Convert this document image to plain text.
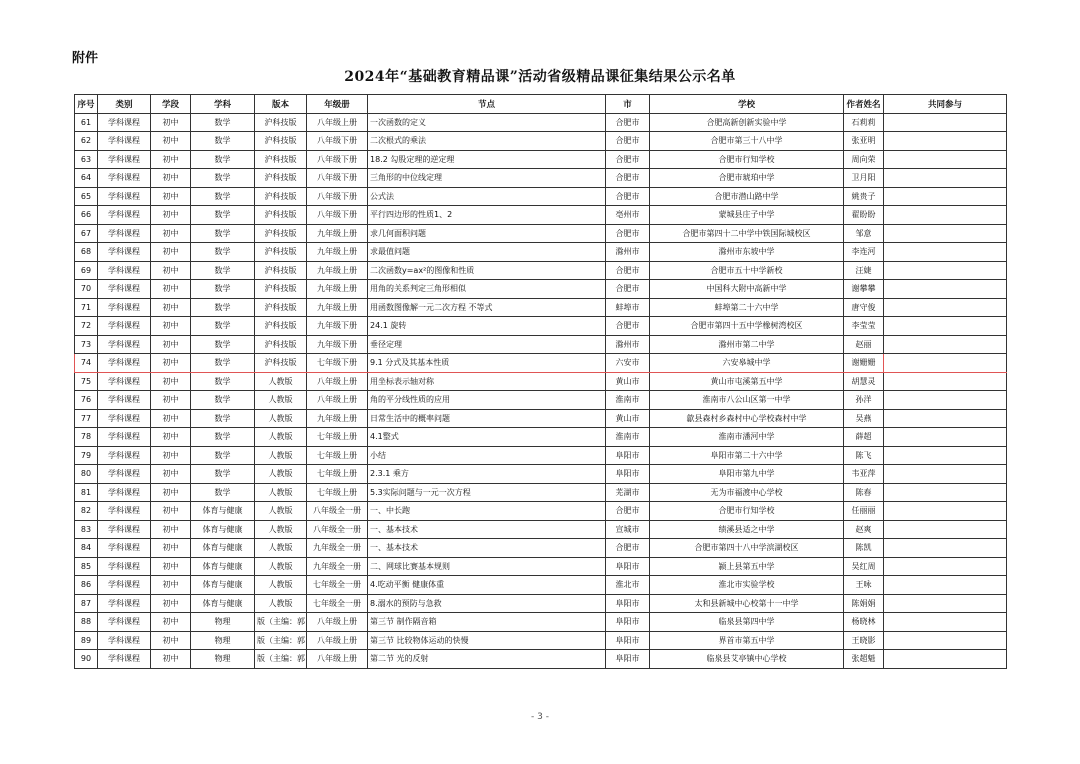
附件
2024年“基础教育精品课”活动省级精品课征集结果公示名单
序号	类别	学段	学科	版本	年级册	节点	市	学校	作者姓名	共同参与
61	学科课程	初中	数学	沪科技版	八年级上册	一次函数的定义	合肥市	合肥高新创新实验中学	石莉莉	
62	学科课程	初中	数学	沪科技版	八年级下册	二次根式的乘法	合肥市	合肥市第三十八中学	张亚明	
63	学科课程	初中	数学	沪科技版	八年级下册	18.2 勾股定理的逆定理	合肥市	合肥市行知学校	周向荣	
64	学科课程	初中	数学	沪科技版	八年级下册	三角形的中位线定理	合肥市	合肥市琥珀中学	卫月阳	
65	学科课程	初中	数学	沪科技版	八年级下册	公式法	合肥市	合肥市潜山路中学	姚贵子	
66	学科课程	初中	数学	沪科技版	八年级下册	平行四边形的性质1、2	亳州市	蒙城县庄子中学	翟盼盼	
67	学科课程	初中	数学	沪科技版	九年级上册	求几何面积问题	合肥市	合肥市第四十二中学中铁国际城校区	邹意	
68	学科课程	初中	数学	沪科技版	九年级上册	求最值问题	滁州市	滁州市东坡中学	李连河	
69	学科课程	初中	数学	沪科技版	九年级上册	二次函数y=ax²的图像和性质	合肥市	合肥市五十中学新校	汪婕	
70	学科课程	初中	数学	沪科技版	九年级上册	用角的关系判定三角形相似	合肥市	中国科大附中高新中学	谢攀攀	
71	学科课程	初中	数学	沪科技版	九年级上册	用函数图像解一元二次方程 不等式	蚌埠市	蚌埠第二十六中学	唐守俊	
72	学科课程	初中	数学	沪科技版	九年级下册	24.1 旋转	合肥市	合肥市第四十五中学橡树湾校区	李莹莹	
73	学科课程	初中	数学	沪科技版	九年级下册	垂径定理	滁州市	滁州市第二中学	赵丽	
74	学科课程	初中	数学	沪科技版	七年级下册	9.1 分式及其基本性质	六安市	六安皋城中学	谢姗姗	
75	学科课程	初中	数学	人教版	八年级上册	用坐标表示轴对称	黄山市	黄山市屯溪第五中学	胡慧灵	
76	学科课程	初中	数学	人教版	八年级上册	角的平分线性质的应用	淮南市	淮南市八公山区第一中学	孙洋	
77	学科课程	初中	数学	人教版	九年级上册	日常生活中的概率问题	黄山市	歙县森村乡森村中心学校森村中学	吴燕	
78	学科课程	初中	数学	人教版	七年级上册	4.1整式	淮南市	淮南市潘河中学	薛超	
79	学科课程	初中	数学	人教版	七年级上册	小结	阜阳市	阜阳市第二十六中学	陈飞	
80	学科课程	初中	数学	人教版	七年级上册	2.3.1 乘方	阜阳市	阜阳市第九中学	韦亚萍	
81	学科课程	初中	数学	人教版	七年级上册	5.3实际问题与一元一次方程	芜湖市	无为市福渡中心学校	陈春	
82	学科课程	初中	体育与健康	人教版	八年级全一册	一、中长跑	合肥市	合肥市行知学校	任丽丽	
83	学科课程	初中	体育与健康	人教版	八年级全一册	一、基本技术	宣城市	绩溪县适之中学	赵爽	
84	学科课程	初中	体育与健康	人教版	九年级全一册	一、基本技术	合肥市	合肥市第四十八中学滨湖校区	陈凯	
85	学科课程	初中	体育与健康	人教版	九年级全一册	二、网球比赛基本规则	阜阳市	颍上县第五中学	吴红周	
86	学科课程	初中	体育与健康	人教版	七年级全一册	4.吃动平衡 健康体重	淮北市	淮北市实验学校	王咏	
87	学科课程	初中	体育与健康	人教版	七年级全一册	8.溺水的预防与急救	阜阳市	太和县新城中心校第十一中学	陈娟娟	
88	学科课程	初中	物理	版（主编：郭	八年级上册	第三节 制作隔音箱	阜阳市	临泉县第四中学	杨晓林	
89	学科课程	初中	物理	版（主编：郭	八年级上册	第三节 比较物体运动的快慢	阜阳市	界首市第五中学	王晓影	
90	学科课程	初中	物理	版（主编：郭	八年级上册	第二节 光的反射	阜阳市	临泉县艾亭镇中心学校	张超魁	
- 3 -
